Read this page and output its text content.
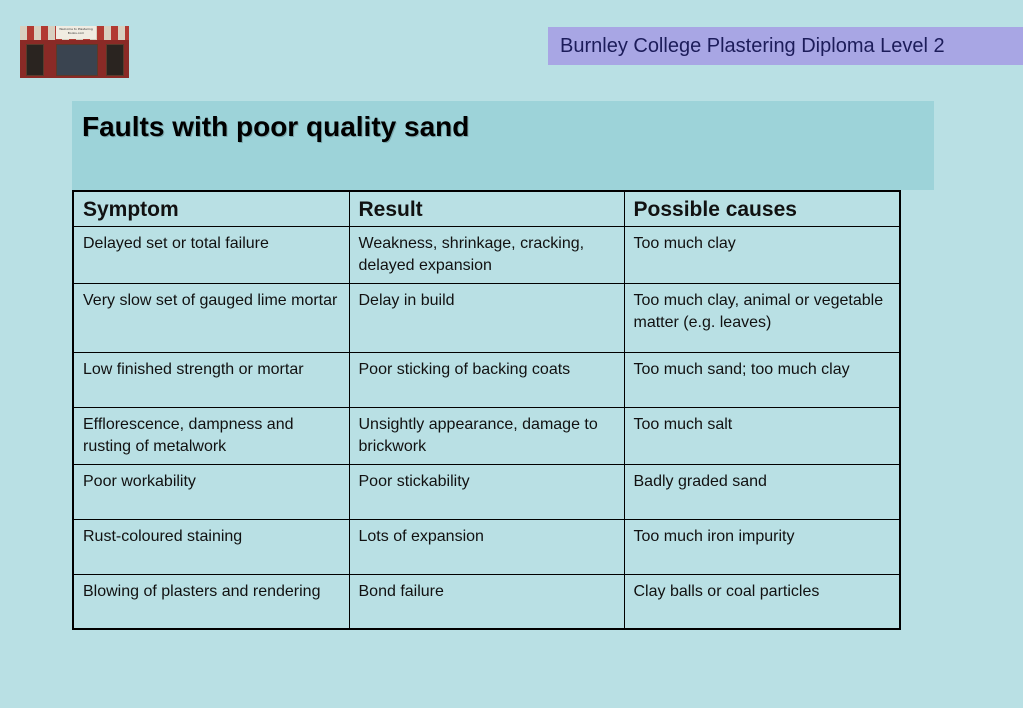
Welcome to Plastering Books.com
Burnley College Plastering Diploma Level 2
Faults with poor quality sand
Symptom	Result	Possible causes
Delayed set or total failure	Weakness, shrinkage, cracking, delayed expansion	Too much clay
Very slow set of gauged lime mortar	Delay in build	Too much clay, animal or vegetable matter (e.g. leaves)
Low finished strength or mortar	Poor sticking of backing coats	Too much sand; too much clay
Efflorescence, dampness and rusting of metalwork	Unsightly appearance, damage to brickwork	Too much salt
Poor workability	Poor stickability	Badly graded sand
Rust-coloured staining	Lots of expansion	Too much iron impurity
Blowing of plasters and rendering	Bond failure	Clay balls or coal particles
